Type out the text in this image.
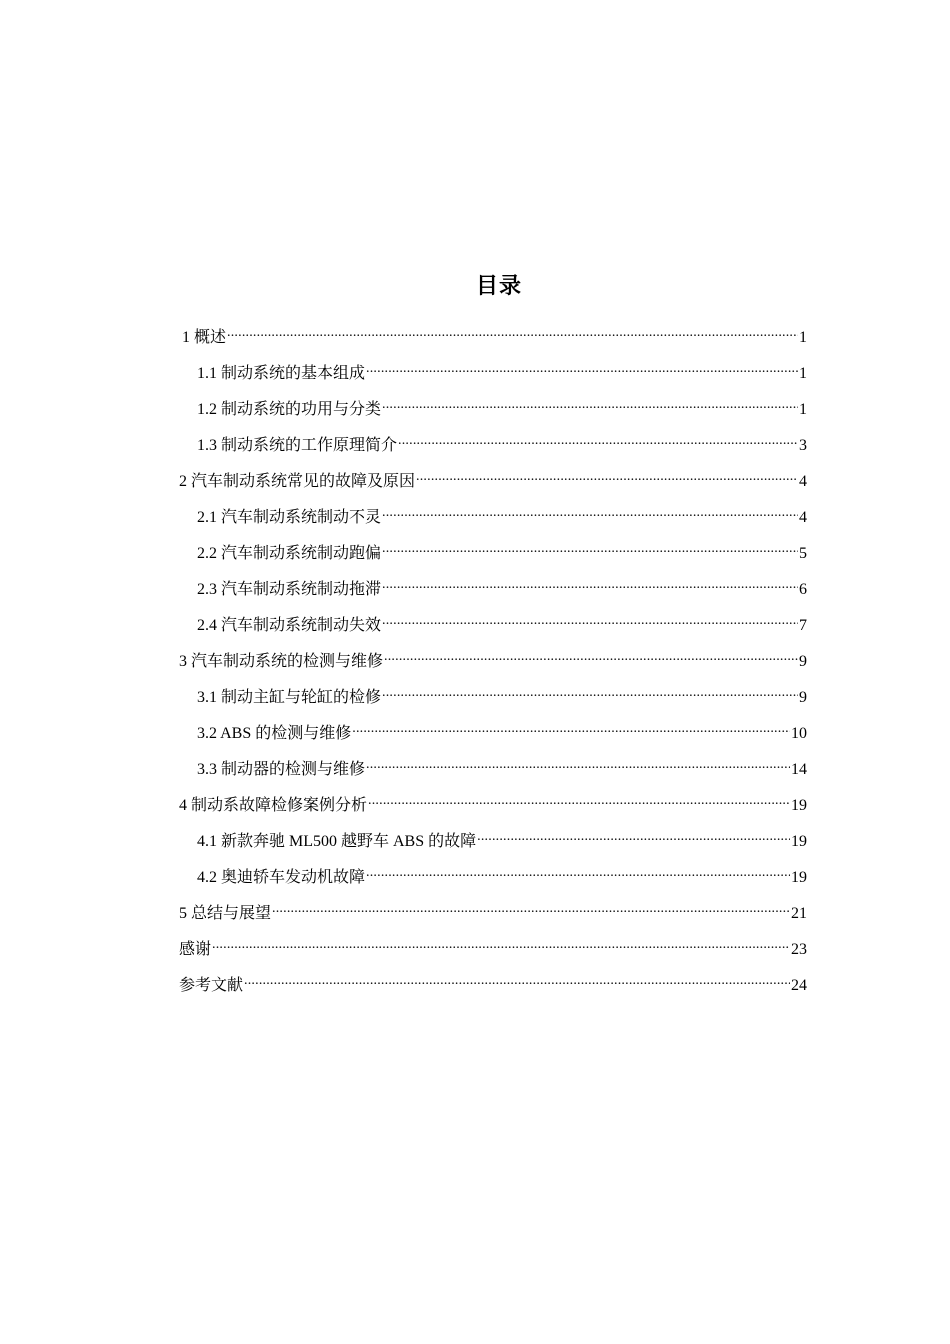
目录
1 概述 .....	1
1.1 制动系统的基本组成 .....	1
1.2 制动系统的功用与分类 .....	1
1.3 制动系统的工作原理简介 .....	3
2 汽车制动系统常见的故障及原因 .....	4
2.1 汽车制动系统制动不灵 .....	4
2.2 汽车制动系统制动跑偏 .....	5
2.3 汽车制动系统制动拖滞 .....	6
2.4 汽车制动系统制动失效 .....	7
3 汽车制动系统的检测与维修 .....	9
3.1 制动主缸与轮缸的检修 .....	9
3.2 ABS 的检测与维修 .....	10
3.3 制动器的检测与维修 .....	14
4 制动系故障检修案例分析 .....	19
4.1 新款奔驰 ML500 越野车 ABS 的故障 .....	19
4.2 奥迪轿车发动机故障 .....	19
5 总结与展望 .....	21
感谢 .....	23
参考文献 .....	24
